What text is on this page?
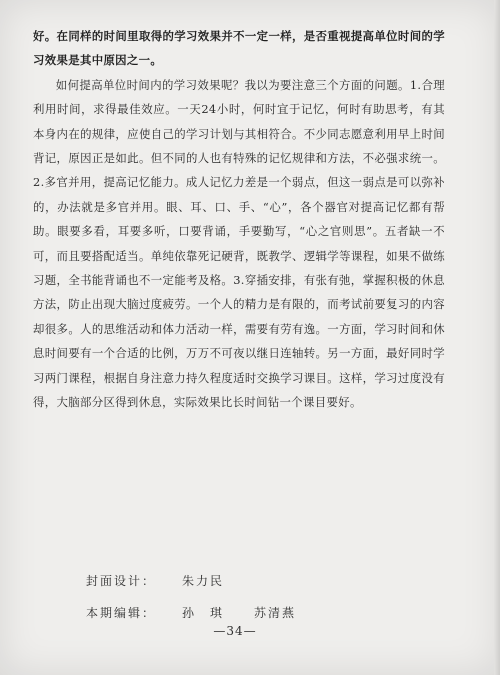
好。在同样的时间里取得的学习效果并不一定一样，是否重视提高单位时间的学习效果是其中原因之一。

如何提高单位时间内的学习效果呢？我以为要注意三个方面的问题。1.合理利用时间，求得最佳效应。一天24小时，何时宜于记忆，何时有助思考，有其本身内在的规律，应使自己的学习计划与其相符合。不少同志愿意利用早上时间背记，原因正是如此。但不同的人也有特殊的记忆规律和方法，不必强求统一。2.多官并用，提高记忆能力。成人记忆力差是一个弱点，但这一弱点是可以弥补的，办法就是多官并用。眼、耳、口、手、“心”，各个器官对提高记忆都有帮助。眼要多看，耳要多听，口要背诵，手要勤写，“心之官则思”。五者缺一不可，而且要搭配适当。单纯依靠死记硬背，既教学、逻辑学等课程，如果不做练习题，全书能背诵也不一定能考及格。3.穿插安排，有张有弛，掌握积极的休息方法，防止出现大脑过度疲劳。一个人的精力是有限的，而考试前要复习的内容却很多。人的思维活动和体力活动一样，需要有劳有逸。一方面，学习时间和休息时间要有一个合适的比例，万万不可夜以继日连轴转。另一方面，最好同时学习两门课程，根据自身注意力持久程度适时交换学习课目。这样，学习过度没有得，大脑部分区得到休息，实际效果比长时间钻一个课目要好。

封面设计：	朱力民
本期编辑：	孙　琪	苏清燕
—34—
